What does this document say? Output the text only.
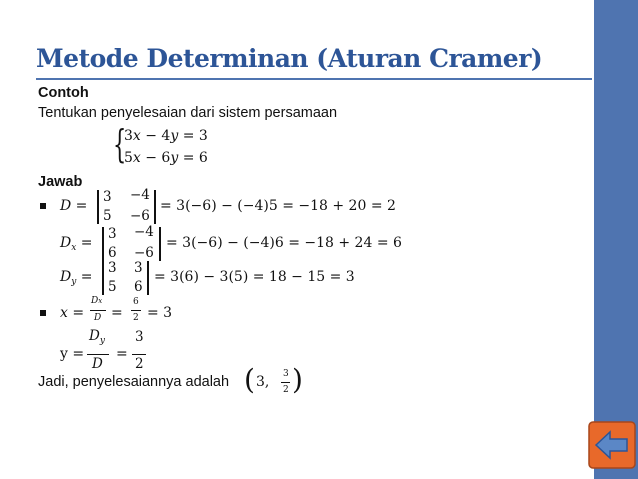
Metode Determinan (Aturan Cramer)
Contoh
Tentukan penyelesaian dari sistem persamaan
{
3𝑥 − 4𝑦 = 3
5𝑥 − 6𝑦 = 6
Jawab
𝐷 =
3 −4
5 −6
= 3(−6) − (−4)5 = −18 + 20 = 2
𝐷$_𝑥$ =
3 −4
6 −6
= 3(−6) − (−4)6 = −18 + 24 = 6
𝐷$_𝑦$ =
3 3
5 6
= 3(6) − 3(5) = 18 − 15 = 3
𝑥 =
𝐷𝑥
𝐷 =
6
2 = 3
y =
𝐷$_𝑦$
𝐷
=
3
2
Jadi, penyelesaiannya adalah ( 3, 3
2 )
